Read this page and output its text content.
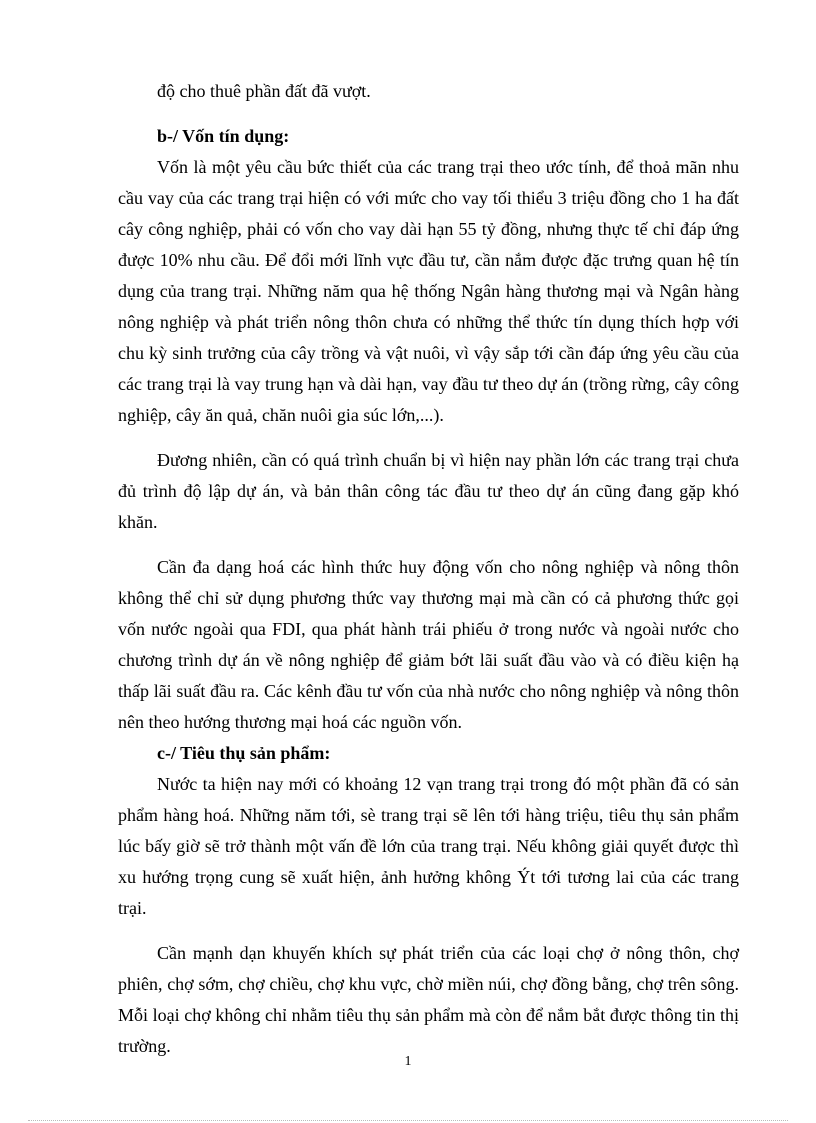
độ cho thuê phần đất đã vượt.

b-/ Vốn tín dụng:

Vốn là một yêu cầu bức thiết của các trang trại theo ước tính, để thoả mãn nhu cầu vay của các trang trại hiện có với mức cho vay tối thiểu 3 triệu đồng cho 1 ha đất cây công nghiệp, phải có vốn cho vay dài hạn 55 tỷ đồng, nhưng thực tế chỉ đáp ứng được 10% nhu cầu. Để đổi mới lĩnh vực đầu tư, cần nắm được đặc trưng quan hệ tín dụng của trang trại. Những năm qua hệ thống Ngân hàng thương mại và Ngân hàng nông nghiệp và phát triển nông thôn chưa có những thể thức tín dụng thích hợp với chu kỳ sinh trưởng của cây trồng và vật nuôi, vì vậy sắp tới cần đáp ứng yêu cầu của các trang trại là vay trung hạn và dài hạn, vay đầu tư theo dự án (trồng rừng, cây công nghiệp, cây ăn quả, chăn nuôi gia súc lớn,...).

Đương nhiên, cần có quá trình chuẩn bị vì hiện nay phần lớn các trang trại chưa đủ trình độ lập dự án, và bản thân công tác đầu tư theo dự án cũng đang gặp khó khăn.

Cần đa dạng hoá các hình thức huy động vốn cho nông nghiệp và nông thôn không thể chỉ sử dụng phương thức vay thương mại mà cần có cả phương thức gọi vốn nước ngoài qua FDI, qua phát hành trái phiếu ở trong nước và ngoài nước cho chương trình dự án về nông nghiệp để giảm bớt lãi suất đầu vào và có điều kiện hạ thấp lãi suất đầu ra. Các kênh đầu tư vốn của nhà nước cho nông nghiệp và nông thôn nên theo hướng thương mại hoá các nguồn vốn.

c-/ Tiêu thụ sản phẩm:

Nước ta hiện nay mới có khoảng 12 vạn trang trại trong đó một phần đã có sản phẩm hàng hoá. Những năm tới, sè trang trại sẽ lên tới hàng triệu, tiêu thụ sản phẩm lúc bấy giờ sẽ trở thành một vấn đề lớn của trang trại. Nếu không giải quyết được thì xu hướng trọng cung sẽ xuất hiện, ảnh hưởng không Ýt tới tương lai của các trang trại.

Cần mạnh dạn khuyến khích sự phát triển của các loại chợ ở nông thôn, chợ phiên, chợ sớm, chợ chiều, chợ khu vực, chờ miền núi, chợ đồng bằng, chợ trên sông. Mỗi loại chợ không chỉ nhằm tiêu thụ sản phẩm mà còn để nắm bắt được thông tin thị trường.

1
